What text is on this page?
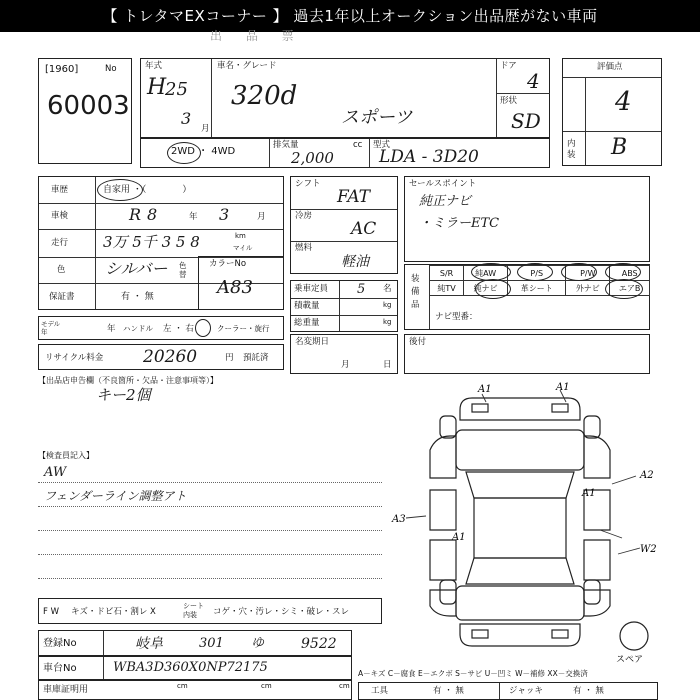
【 トレタマEXコーナー 】 過去1年以上オークション出品歴がない車両
出 品 票
[1960]	No
60003
年式
H
25
3
月
車名・グレード
320d
スポーツ
ドア
4
形状
SD
2WD ・ 4WD
排気量	cc
2,000
型式
LDA - 3D20
評価点
4
内装 B
車歴	自家用 ・（　　　　）
車検	R 8	年 3	月
走行 3万 5千 3 5 8	km
マイル
色 シルバー 色替
保証書	有 ・ 無
カラーNo
A83
モデル年	年 ハンドル 左 ・ 右	クーラー・旋行
リサイクル料金 20260	円 預託済
シフト
FAT
冷房
AC
燃料
軽油
乗車定員 5 名
積載量	kg
総重量	kg
名変期日
月	日
セールスポイント
純正ナビ
・ミラーETC
装備品
S/R	純AW	P/S	P/W	ABS
純TV	純ナビ	革シート	外ナビ	エアB
ナビ型番：
後付
【出品店申告欄（不良箇所・欠品・注意事項等）】
キー2個
【検査員記入】
AW
フェンダーライン調整アト
F W キズ・ドビ石・割レ X
シート内装	コゲ・穴・汚レ・シミ・破レ・スレ
登録No	岐阜	301 ゆ	9522
車台No	WBA3D360X0NP72175
車庫証明用	cm	cm	cm
A－キズ C－腐食 E－エクボ S－サビ U－凹ミ W－補修 XX－交換済
工具	有 ・ 無	ジャッキ	有 ・ 無
A1	A1
A2
A3
A1
A1
W2
スペア
